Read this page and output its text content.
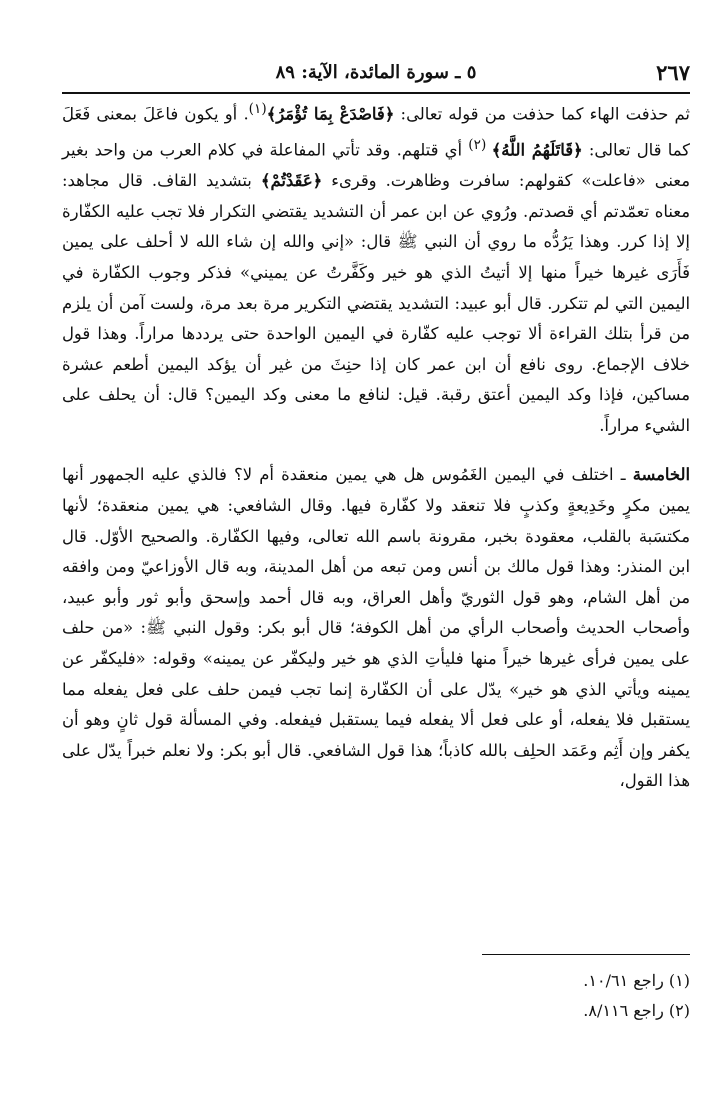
٢٦٧
٥ ـ سورة المائدة، الآية: ٨٩

ثم حذفت الهاء كما حذفت من قوله تعالى: ﴿فَاصْدَعْ بِمَا تُؤْمَرُ﴾$^{(١)}$. أو يكون فاعَلَ بمعنى فَعَلَ كما قال تعالى: ﴿قَاتَلَهُمُ اللَّهُ﴾ $^{(٢)}$ أي قتلهم. وقد تأتي المفاعلة في كلام العرب من واحد بغير معنى «فاعلت» كقولهم: سافرت وظاهرت. وقرىء ﴿عَقَدْتُمْ﴾ بتشديد القاف. قال مجاهد: معناه تعمّدتم أي قصدتم. ورُوي عن ابن عمر أن التشديد يقتضي التكرار فلا تجب عليه الكفّارة إلا إذا كرر. وهذا يَرُدُّه ما روي أن النبي ﷺ قال: «إني والله إن شاء الله لا أحلف على يمين فَأَرَى غيرها خيراً منها إلا أتيتُ الذي هو خير وكَفَّرتُ عن يميني» فذكر وجوب الكفّارة في اليمين التي لم تتكرر. قال أبو عبيد: التشديد يقتضي التكرير مرة بعد مرة، ولست آمن أن يلزم من قرأ بتلك القراءة ألا توجب عليه كفّارة في اليمين الواحدة حتى يرددها مراراً. وهذا قول خلاف الإجماع. روى نافع أن ابن عمر كان إذا حنِثَ من غير أن يؤكد اليمين أطعم عشرة مساكين، فإذا وكد اليمين أعتق رقبة. قيل: لنافع ما معنى وكد اليمين؟ قال: أن يحلف على الشيء مراراً.

الخامسة ـ اختلف في اليمين الغَمُوس هل هي يمين منعقدة أم لا؟ فالذي عليه الجمهور أنها يمين مكرٍ وخَدِيعةٍ وكذبٍ فلا تنعقد ولا كفّارة فيها. وقال الشافعي: هي يمين منعقدة؛ لأنها مكتسَبة بالقلب، معقودة بخبر، مقرونة باسم الله تعالى، وفيها الكفّارة. والصحيح الأوّل. قال ابن المنذر: وهذا قول مالك بن أنس ومن تبعه من أهل المدينة، وبه قال الأوزاعيّ ومن وافقه من أهل الشام، وهو قول الثوريّ وأهل العراق، وبه قال أحمد وإسحق وأبو ثور وأبو عبيد، وأصحاب الحديث وأصحاب الرأي من أهل الكوفة؛ قال أبو بكر: وقول النبي ﷺ: «من حلف على يمين فرأى غيرها خيراً منها فليأتِ الذي هو خير وليكفّر عن يمينه» وقوله: «فليكفّر عن يمينه ويأتي الذي هو خير» يدّل على أن الكفّارة إنما تجب فيمن حلف على فعل يفعله مما يستقبل فلا يفعله، أو على فعل ألا يفعله فيما يستقبل فيفعله. وفي المسألة قول ثانٍ وهو أن يكفر وإن أَثِم وعَمَد الحلِف بالله كاذباً؛ هذا قول الشافعي. قال أبو بكر: ولا نعلم خبراً يدّل على هذا القول،

(١) راجع ١٠/٦١.
(٢) راجع ٨/١١٦.
